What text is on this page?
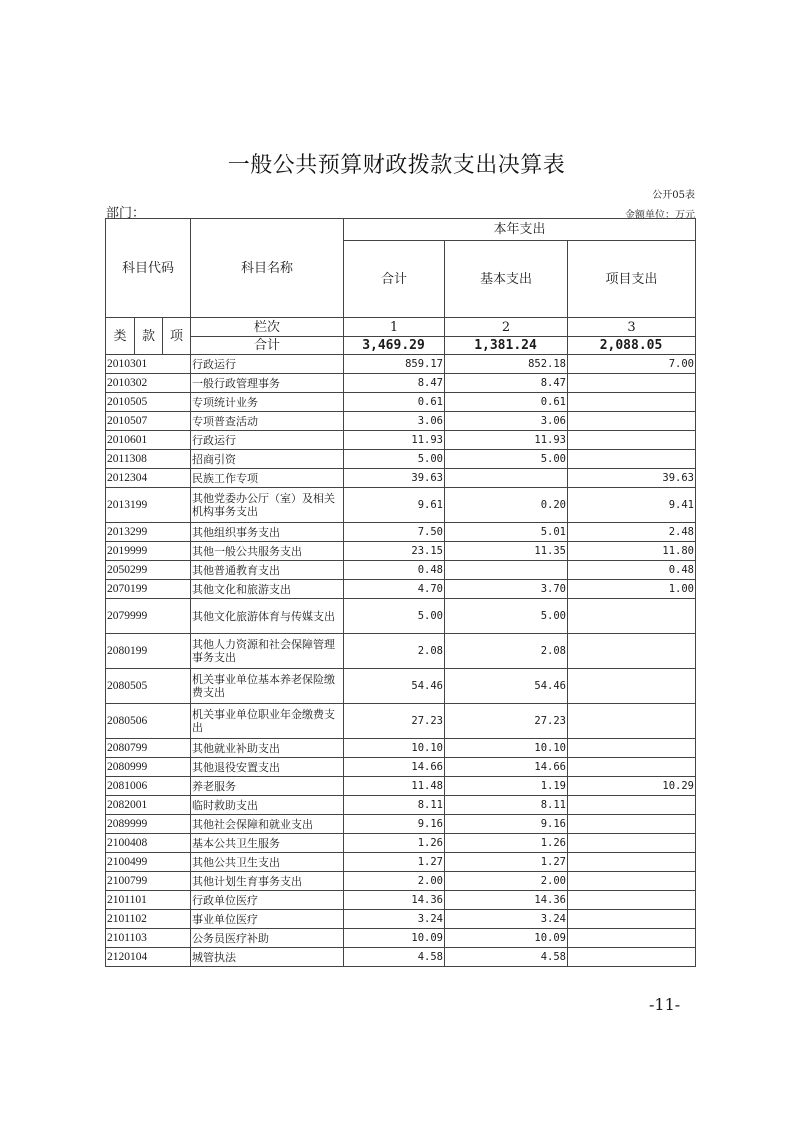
一般公共预算财政拨款支出决算表
公开05表
部门：	金额单位：万元
科目代码			科目名称	本年支出		
				合计	基本支出	项目支出
类	款	项	栏次	1	2	3
			合计	3,469.29	1,381.24	2,088.05
2010301			行政运行	859.17	852.18	7.00
2010302			一般行政管理事务	8.47	8.47	
2010505			专项统计业务	0.61	0.61	
2010507			专项普查活动	3.06	3.06	
2010601			行政运行	11.93	11.93	
2011308			招商引资	5.00	5.00	
2012304			民族工作专项	39.63		39.63
2013199			其他党委办公厅（室）及相关机构事务支出	9.61	0.20	9.41
2013299			其他组织事务支出	7.50	5.01	2.48
2019999			其他一般公共服务支出	23.15	11.35	11.80
2050299			其他普通教育支出	0.48		0.48
2070199			其他文化和旅游支出	4.70	3.70	1.00
2079999			其他文化旅游体育与传媒支出	5.00	5.00	
2080199			其他人力资源和社会保障管理事务支出	2.08	2.08	
2080505			机关事业单位基本养老保险缴费支出	54.46	54.46	
2080506			机关事业单位职业年金缴费支出	27.23	27.23	
2080799			其他就业补助支出	10.10	10.10	
2080999			其他退役安置支出	14.66	14.66	
2081006			养老服务	11.48	1.19	10.29
2082001			临时救助支出	8.11	8.11	
2089999			其他社会保障和就业支出	9.16	9.16	
2100408			基本公共卫生服务	1.26	1.26	
2100499			其他公共卫生支出	1.27	1.27	
2100799			其他计划生育事务支出	2.00	2.00	
2101101			行政单位医疗	14.36	14.36	
2101102			事业单位医疗	3.24	3.24	
2101103			公务员医疗补助	10.09	10.09	
2120104			城管执法	4.58	4.58	
-11-
